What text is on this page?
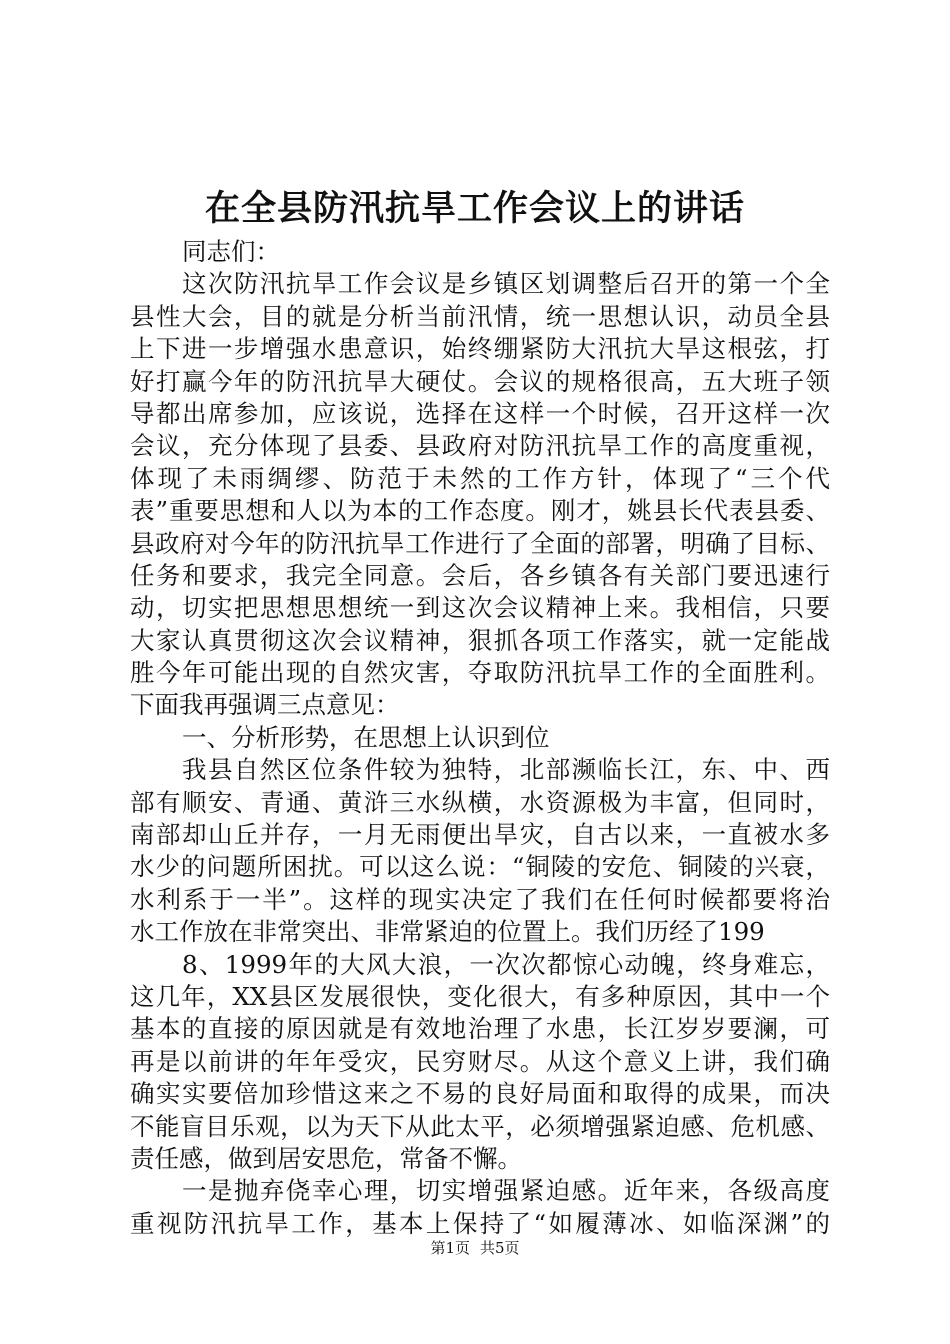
在全县防汛抗旱工作会议上的讲话
同志们：
这次防汛抗旱工作会议是乡镇区划调整后召开的第一个全
县性大会，目的就是分析当前汛情，统一思想认识，动员全县
上下进一步增强水患意识，始终绷紧防大汛抗大旱这根弦，打
好打赢今年的防汛抗旱大硬仗。会议的规格很高，五大班子领
导都出席参加，应该说，选择在这样一个时候，召开这样一次
会议，充分体现了县委、县政府对防汛抗旱工作的高度重视，
体现了未雨绸缪、防范于未然的工作方针，体现了“三个代
表”重要思想和人以为本的工作态度。刚才，姚县长代表县委、
县政府对今年的防汛抗旱工作进行了全面的部署，明确了目标、
任务和要求，我完全同意。会后，各乡镇各有关部门要迅速行
动，切实把思想思想统一到这次会议精神上来。我相信，只要
大家认真贯彻这次会议精神，狠抓各项工作落实，就一定能战
胜今年可能出现的自然灾害，夺取防汛抗旱工作的全面胜利。
下面我再强调三点意见：
一、分析形势，在思想上认识到位
我县自然区位条件较为独特，北部濒临长江，东、中、西
部有顺安、青通、黄浒三水纵横，水资源极为丰富，但同时，
南部却山丘并存，一月无雨便出旱灾，自古以来，一直被水多
水少的问题所困扰。可以这么说：“铜陵的安危、铜陵的兴衰，
水利系于一半”。这样的现实决定了我们在任何时候都要将治
水工作放在非常突出、非常紧迫的位置上。我们历经了199
8、1999年的大风大浪，一次次都惊心动魄，终身难忘，
这几年，XX县区发展很快，变化很大，有多种原因，其中一个
基本的直接的原因就是有效地治理了水患，长江岁岁要澜，可
再是以前讲的年年受灾，民穷财尽。从这个意义上讲，我们确
确实实要倍加珍惜这来之不易的良好局面和取得的成果，而决
不能盲目乐观，以为天下从此太平，必须增强紧迫感、危机感、
责任感，做到居安思危，常备不懈。
一是抛弃侥幸心理，切实增强紧迫感。近年来，各级高度
重视防汛抗旱工作，基本上保持了“如履薄冰、如临深渊”的
第1页 共5页
